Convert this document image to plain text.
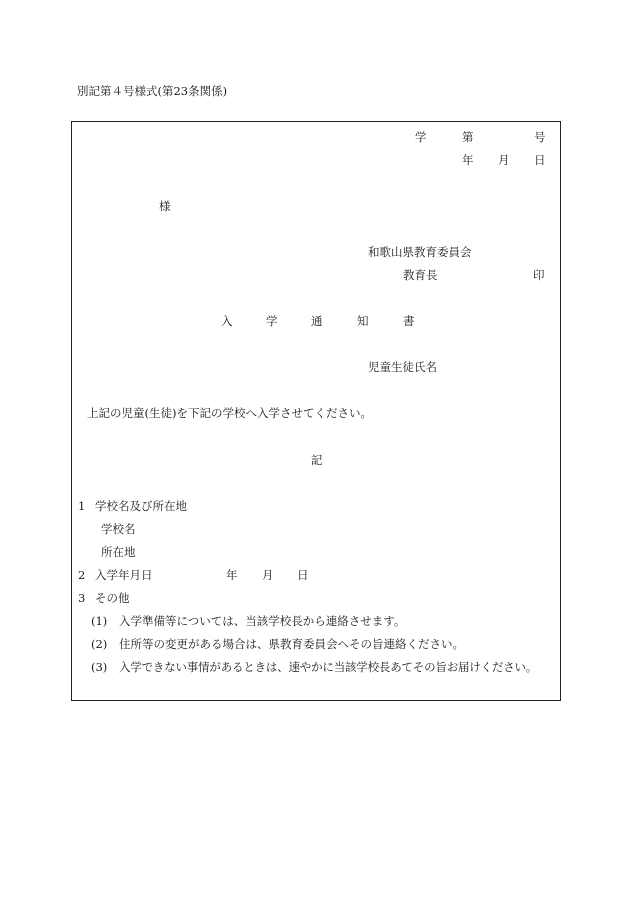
別記第４号様式(第23条関係)
学	第	号
年 月 日
様
和歌山県教育委員会
教育長	印
入	学	通	知	書
児童生徒氏名
上記の児童(生徒)を下記の学校へ入学させてください。
記
1 学校名及び所在地
学校名
所在地
2 入学年月日	年 月 日
3 その他
(1) 入学準備等については、当該学校長から連絡させます。
(2) 住所等の変更がある場合は、県教育委員会へその旨連絡ください。
(3) 入学できない事情があるときは、速やかに当該学校長あてその旨お届けください。
